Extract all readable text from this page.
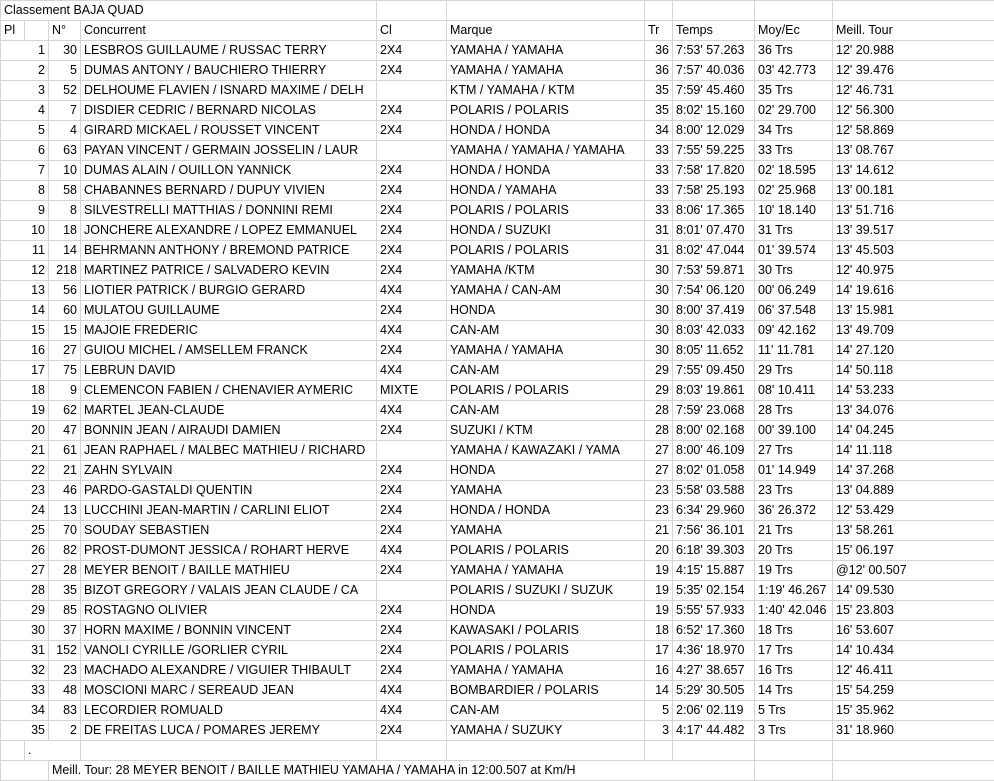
Classement BAJA QUAD									
Pl		N°	Concurrent	Cl	Marque	Tr	Temps	Moy/Ec	Meill. Tour
1		30	LESBROS GUILLAUME / RUSSAC TERRY	2X4	YAMAHA / YAMAHA	36	7:53' 57.263	36 Trs	12' 20.988
2		5	DUMAS ANTONY / BAUCHIERO THIERRY	2X4	YAMAHA / YAMAHA	36	7:57' 40.036	03' 42.773	12' 39.476
3		52	DELHOUME FLAVIEN / ISNARD MAXIME / DELH		KTM / YAMAHA / KTM	35	7:59' 45.460	35 Trs	12' 46.731
4		7	DISDIER CEDRIC / BERNARD NICOLAS	2X4	POLARIS / POLARIS	35	8:02' 15.160	02' 29.700	12' 56.300
5		4	GIRARD MICKAEL / ROUSSET VINCENT	2X4	HONDA / HONDA	34	8:00' 12.029	34 Trs	12' 58.869
6		63	PAYAN VINCENT / GERMAIN JOSSELIN / LAUR		YAMAHA / YAMAHA / YAMAHA	33	7:55' 59.225	33 Trs	13' 08.767
7		10	DUMAS ALAIN / OUILLON YANNICK	2X4	HONDA / HONDA	33	7:58' 17.820	02' 18.595	13' 14.612
8		58	CHABANNES BERNARD / DUPUY VIVIEN	2X4	HONDA / YAMAHA	33	7:58' 25.193	02' 25.968	13' 00.181
9		8	SILVESTRELLI MATTHIAS / DONNINI REMI	2X4	POLARIS / POLARIS	33	8:06' 17.365	10' 18.140	13' 51.716
10		18	JONCHERE ALEXANDRE / LOPEZ EMMANUEL	2X4	HONDA / SUZUKI	31	8:01' 07.470	31 Trs	13' 39.517
11		14	BEHRMANN ANTHONY / BREMOND PATRICE	2X4	POLARIS / POLARIS	31	8:02' 47.044	01' 39.574	13' 45.503
12		218	MARTINEZ PATRICE / SALVADERO KEVIN	2X4	YAMAHA /KTM	30	7:53' 59.871	30 Trs	12' 40.975
13		56	LIOTIER PATRICK / BURGIO GERARD	4X4	YAMAHA / CAN-AM	30	7:54' 06.120	00' 06.249	14' 19.616
14		60	MULATOU GUILLAUME	2X4	HONDA	30	8:00' 37.419	06' 37.548	13' 15.981
15		15	MAJOIE FREDERIC	4X4	CAN-AM	30	8:03' 42.033	09' 42.162	13' 49.709
16		27	GUIOU MICHEL / AMSELLEM FRANCK	2X4	YAMAHA / YAMAHA	30	8:05' 11.652	11' 11.781	14' 27.120
17		75	LEBRUN DAVID	4X4	CAN-AM	29	7:55' 09.450	29 Trs	14' 50.118
18		9	CLEMENCON FABIEN / CHENAVIER AYMERIC	MIXTE	POLARIS / POLARIS	29	8:03' 19.861	08' 10.411	14' 53.233
19		62	MARTEL JEAN-CLAUDE	4X4	CAN-AM	28	7:59' 23.068	28 Trs	13' 34.076
20		47	BONNIN JEAN / AIRAUDI DAMIEN	2X4	SUZUKI / KTM	28	8:00' 02.168	00' 39.100	14' 04.245
21		61	JEAN RAPHAEL / MALBEC MATHIEU / RICHARD		YAMAHA / KAWAZAKI / YAMA	27	8:00' 46.109	27 Trs	14' 11.118
22		21	ZAHN SYLVAIN	2X4	HONDA	27	8:02' 01.058	01' 14.949	14' 37.268
23		46	PARDO-GASTALDI QUENTIN	2X4	YAMAHA	23	5:58' 03.588	23 Trs	13' 04.889
24		13	LUCCHINI JEAN-MARTIN / CARLINI ELIOT	2X4	HONDA / HONDA	23	6:34' 29.960	36' 26.372	12' 53.429
25		70	SOUDAY SEBASTIEN	2X4	YAMAHA	21	7:56' 36.101	21 Trs	13' 58.261
26		82	PROST-DUMONT JESSICA / ROHART HERVE	4X4	POLARIS / POLARIS	20	6:18' 39.303	20 Trs	15' 06.197
27		28	MEYER BENOIT / BAILLE MATHIEU	2X4	YAMAHA / YAMAHA	19	4:15' 15.887	19 Trs	@12' 00.507
28		35	BIZOT GREGORY / VALAIS JEAN CLAUDE / CA		POLARIS / SUZUKI / SUZUK	19	5:35' 02.154	1:19' 46.267	14' 09.530
29		85	ROSTAGNO OLIVIER	2X4	HONDA	19	5:55' 57.933	1:40' 42.046	15' 23.803
30		37	HORN MAXIME / BONNIN VINCENT	2X4	KAWASAKI / POLARIS	18	6:52' 17.360	18 Trs	16' 53.607
31		152	VANOLI CYRILLE /GORLIER CYRIL	2X4	POLARIS / POLARIS	17	4:36' 18.970	17 Trs	14' 10.434
32		23	MACHADO ALEXANDRE / VIGUIER THIBAULT	2X4	YAMAHA / YAMAHA	16	4:27' 38.657	16 Trs	12' 46.411
33		48	MOSCIONI MARC / SEREAUD JEAN	4X4	BOMBARDIER / POLARIS	14	5:29' 30.505	14 Trs	15' 54.259
34		83	LECORDIER ROMUALD	4X4	CAN-AM	5	2:06' 02.119	5 Trs	15' 35.962
35		2	DE FREITAS LUCA / POMARES JEREMY	2X4	YAMAHA / SUZUKY	3	4:17' 44.482	3 Trs	31' 18.960
	.								
		Meill. Tour: 28 MEYER BENOIT / BAILLE MATHIEU YAMAHA / YAMAHA in 12:00.507 at Km/H							
